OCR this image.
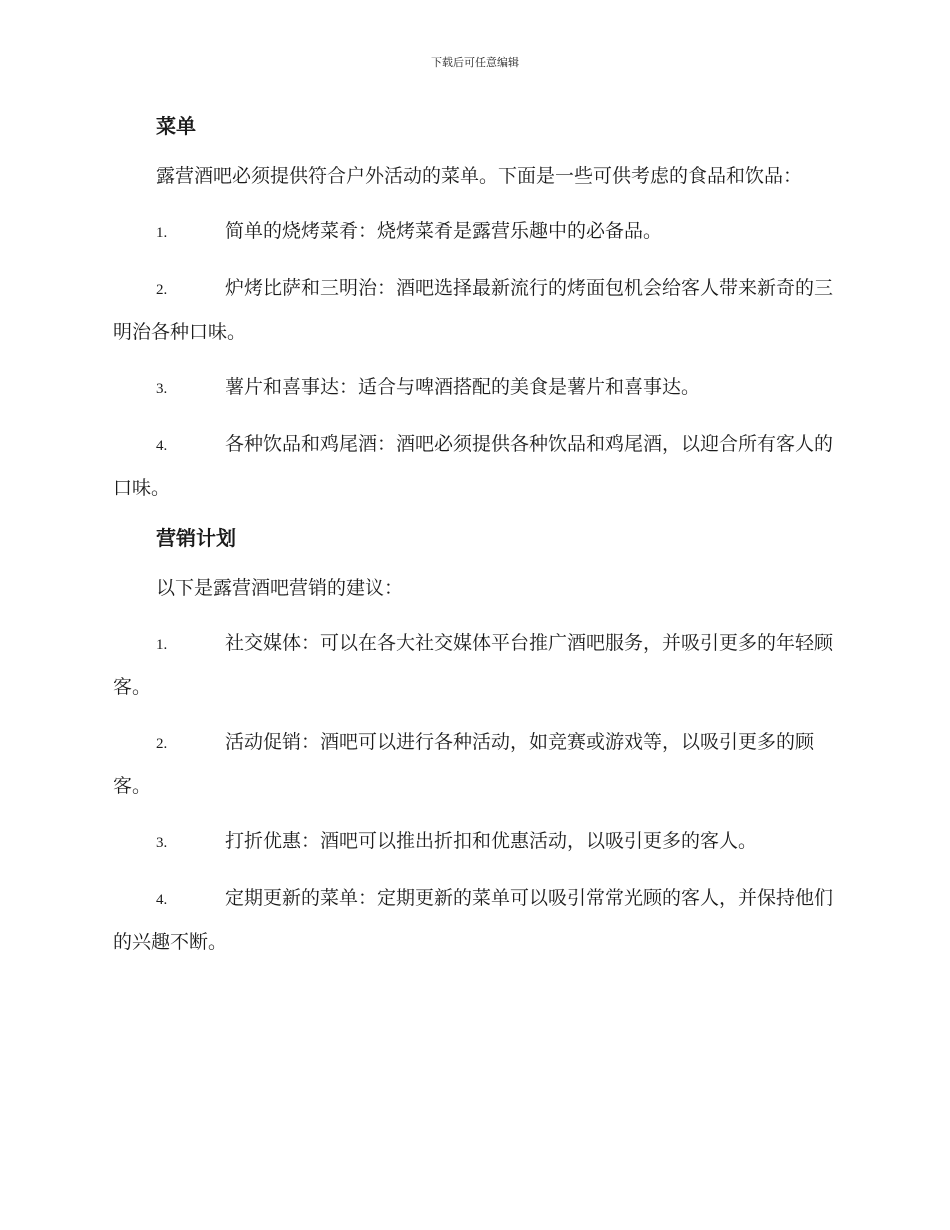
下载后可任意编辑
菜单

露营酒吧必须提供符合户外活动的菜单。下面是一些可供考虑的食品和饮品：

1.	简单的烧烤菜肴：烧烤菜肴是露营乐趣中的必备品。

2.	炉烤比萨和三明治：酒吧选择最新流行的烤面包机会给客人带来新奇的三明治各种口味。

3.	薯片和喜事达：适合与啤酒搭配的美食是薯片和喜事达。

4.	各种饮品和鸡尾酒：酒吧必须提供各种饮品和鸡尾酒，以迎合所有客人的口味。

营销计划

以下是露营酒吧营销的建议：

1.	社交媒体：可以在各大社交媒体平台推广酒吧服务，并吸引更多的年轻顾客。

2.	活动促销：酒吧可以进行各种活动，如竞赛或游戏等，以吸引更多的顾客。

3.	打折优惠：酒吧可以推出折扣和优惠活动，以吸引更多的客人。

4.	定期更新的菜单：定期更新的菜单可以吸引常常光顾的客人，并保持他们的兴趣不断。
